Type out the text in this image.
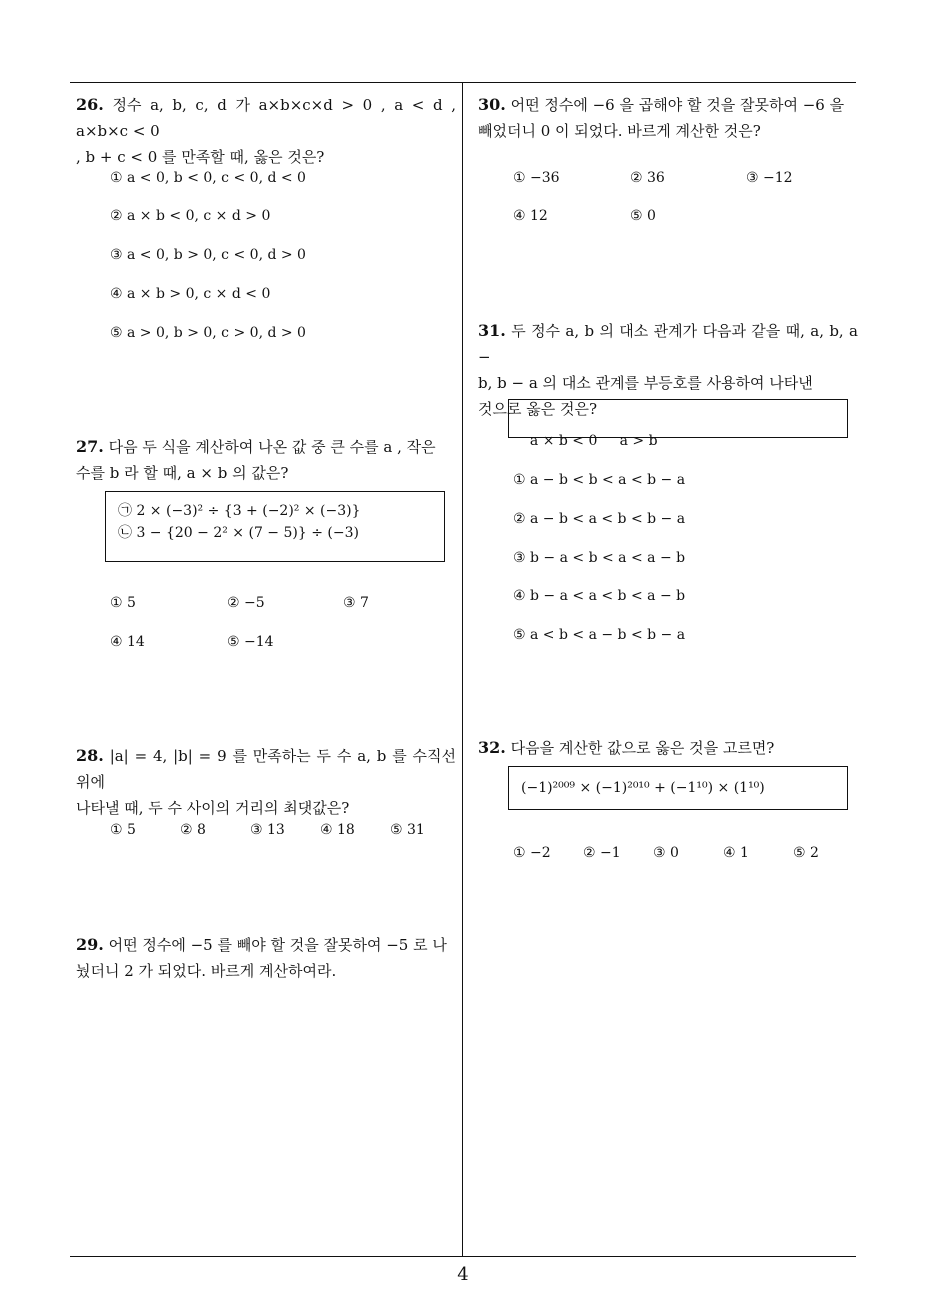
26. 정수 a, b, c, d 가 a×b×c×d > 0 , a < d , a×b×c < 0
, b + c < 0 를 만족할 때, 옳은 것은?

① a < 0, b < 0, c < 0, d < 0
② a × b < 0, c × d > 0
③ a < 0, b > 0, c < 0, d > 0
④ a × b > 0, c × d < 0
⑤ a > 0, b > 0, c > 0, d > 0

27. 다음 두 식을 계산하여 나온 값 중 큰 수를 a , 작은
수를 b 라 할 때, a × b 의 값은?

㉠ 2 × (−3)² ÷ {3 + (−2)² × (−3)}
㉡ 3 − {20 − 2² × (7 − 5)} ÷ (−3)
① 5	② −5	③ 7
④ 14	⑤ −14

28. |a| = 4, |b| = 9 를 만족하는 두 수 a, b 를 수직선 위에
나타낼 때, 두 수 사이의 거리의 최댓값은?

① 5	② 8	③ 13	④ 18	⑤ 31

29. 어떤 정수에 −5 를 빼야 할 것을 잘못하여 −5 로 나
눴더니 2 가 되었다. 바르게 계산하여라.

30. 어떤 정수에 −6 을 곱해야 할 것을 잘못하여 −6 을
빼었더니 0 이 되었다. 바르게 계산한 것은?

① −36	② 36	③ −12
④ 12	⑤ 0

31. 두 정수 a, b 의 대소 관계가 다음과 같을 때, a, b, a −
b, b − a 의 대소 관계를 부등호를 사용하여 나타낸
것으로 옳은 것은?

a × b < 0     a > b

① a − b < b < a < b − a
② a − b < a < b < b − a
③ b − a < b < a < a − b
④ b − a < a < b < a − b
⑤ a < b < a − b < b − a

32. 다음을 계산한 값으로 옳은 것을 고르면?

(−1)²⁰⁰⁹ × (−1)²⁰¹⁰ + (−1¹⁰) × (1¹⁰)
① −2 ② −1 ③ 0	④ 1	⑤ 2
4
